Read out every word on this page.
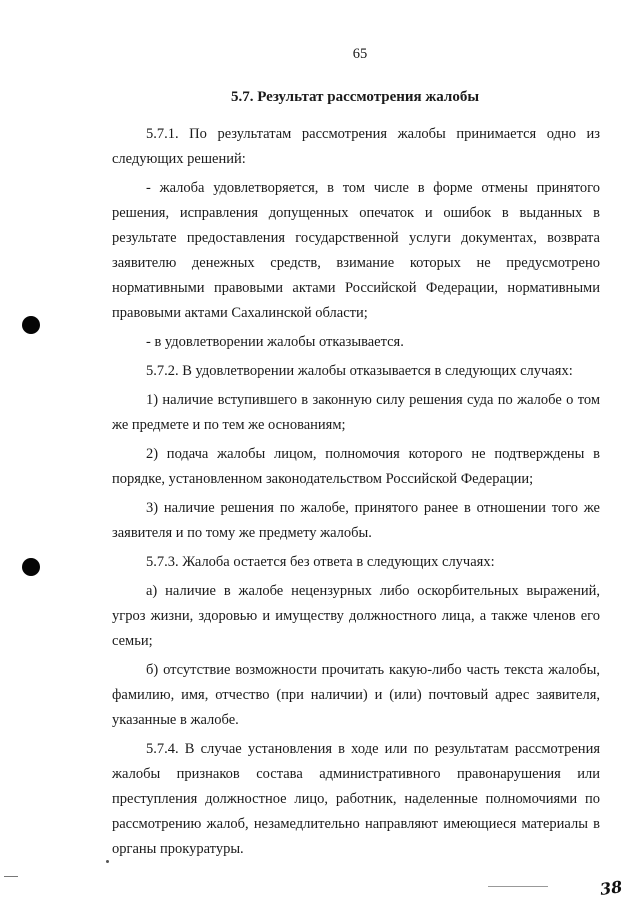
65
5.7. Результат рассмотрения жалобы

5.7.1. По результатам рассмотрения жалобы принимается одно из следующих решений:

- жалоба удовлетворяется, в том числе в форме отмены принятого решения, исправления допущенных опечаток и ошибок в выданных в результате предоставления государственной услуги документах, возврата заявителю денежных средств, взимание которых не предусмотрено нормативными правовыми актами Российской Федерации, нормативными правовыми актами Сахалинской области;

- в удовлетворении жалобы отказывается.

5.7.2. В удовлетворении жалобы отказывается в следующих случаях:

1) наличие вступившего в законную силу решения суда по жалобе о том же предмете и по тем же основаниям;

2) подача жалобы лицом, полномочия которого не подтверждены в порядке, установленном законодательством Российской Федерации;

3) наличие решения по жалобе, принятого ранее в отношении того же заявителя и по тому же предмету жалобы.

5.7.3. Жалоба остается без ответа в следующих случаях:

а) наличие в жалобе нецензурных либо оскорбительных выражений, угроз жизни, здоровью и имуществу должностного лица, а также членов его семьи;

б) отсутствие возможности прочитать какую-либо часть текста жалобы, фамилию, имя, отчество (при наличии) и (или) почтовый адрес заявителя, указанные в жалобе.

5.7.4. В случае установления в ходе или по результатам рассмотрения жалобы признаков состава административного правонарушения или преступления должностное лицо, работник, наделенные полномочиями по рассмотрению жалоб, незамедлительно направляют имеющиеся материалы в органы прокуратуры.

38
